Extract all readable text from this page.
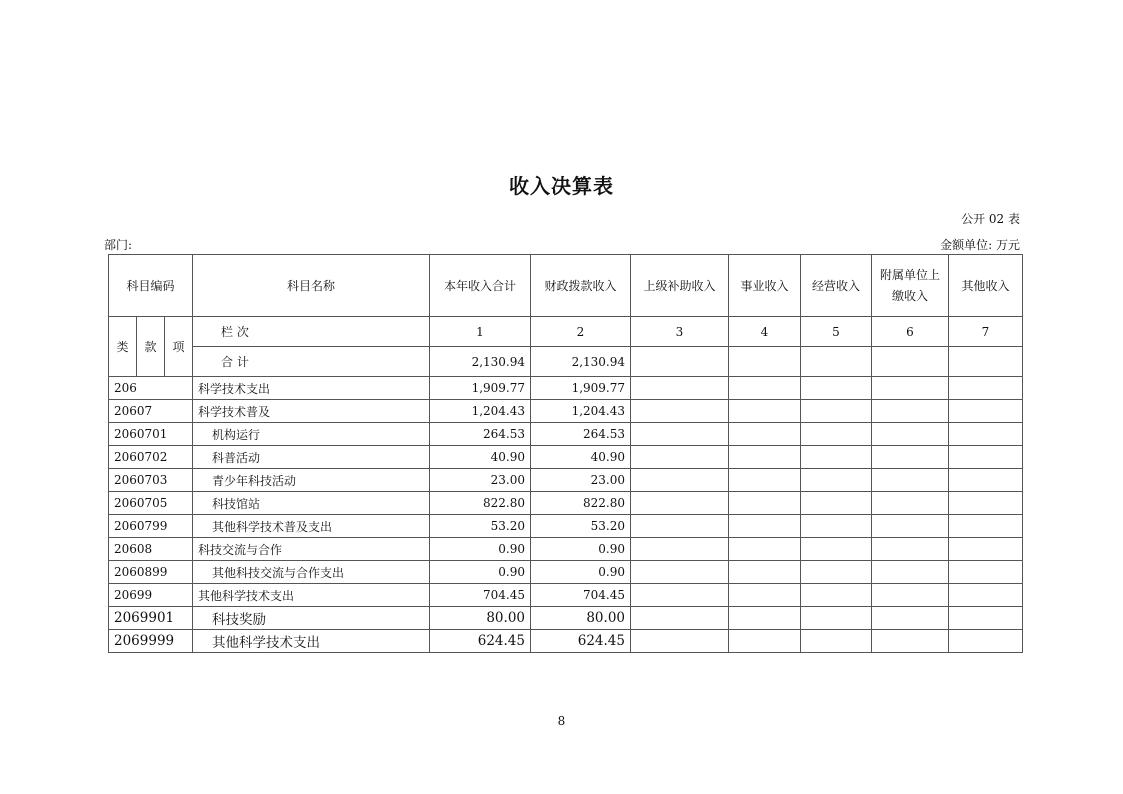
收入决算表
公开 02 表
部门:	金额单位: 万元
科目编码			科目名称	本年收入合计	财政拨款收入	上级补助收入	事业收入	经营收入	附属单位上缴收入	其他收入
类	款	项	栏 次	1	2	3	4	5	6	7
			合 计	2,130.94	2,130.94					
206			科学技术支出	1,909.77	1,909.77					
20607			科学技术普及	1,204.43	1,204.43					
2060701			机构运行	264.53	264.53					
2060702			科普活动	40.90	40.90					
2060703			青少年科技活动	23.00	23.00					
2060705			科技馆站	822.80	822.80					
2060799			其他科学技术普及支出	53.20	53.20					
20608			科技交流与合作	0.90	0.90					
2060899			其他科技交流与合作支出	0.90	0.90					
20699			其他科学技术支出	704.45	704.45					
2069901			科技奖励	80.00	80.00					
2069999			其他科学技术支出	624.45	624.45					
8
